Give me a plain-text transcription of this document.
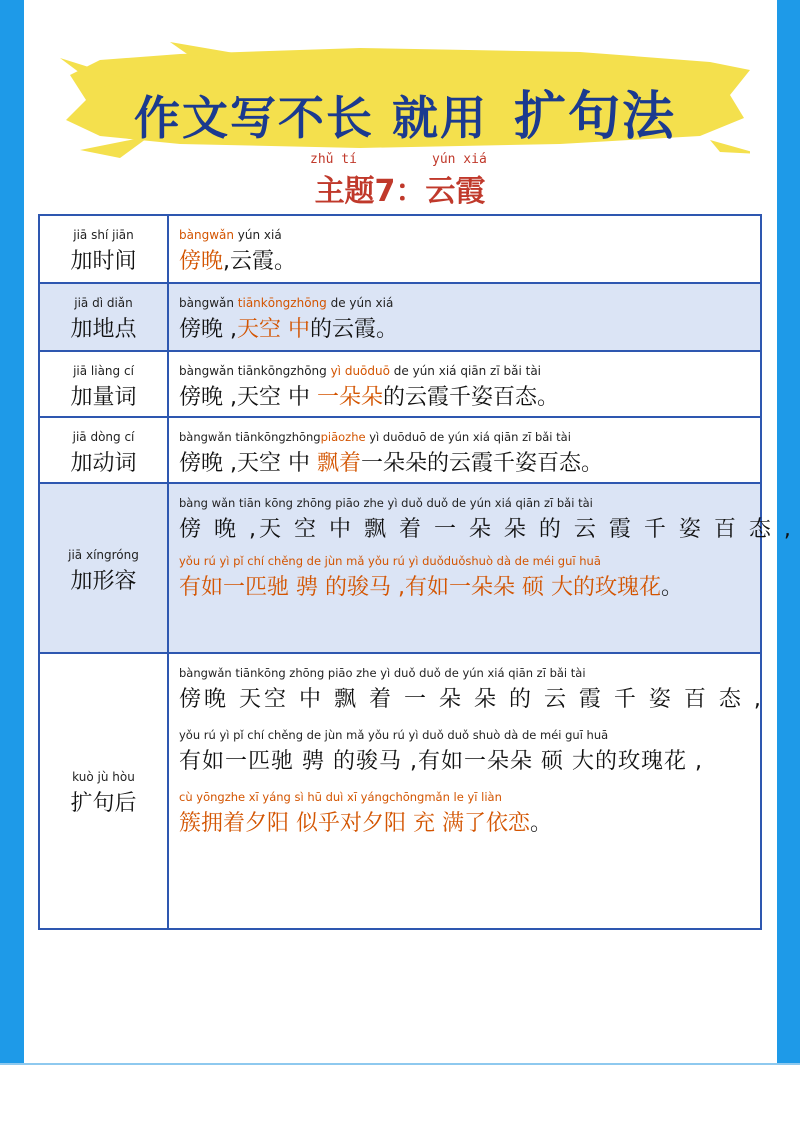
作文写不长 就用 扩句法
zhǔ tí	yún xiá
主题7：云霞
jiā shí jiān
加时间
bàngwǎn yún xiá
傍晚,云霞。
jiā dì diǎn
加地点
bàngwǎn tiānkōngzhōng de yún xiá
傍晚 ,天空 中的云霞。
jiā liàng cí
加量词
bàngwǎn tiānkōngzhōng yì duōduō de yún xiá qiān zī bǎi tài
傍晚 ,天空 中 一朵朵的云霞千姿百态。
jiā dòng cí
加动词
bàngwǎn tiānkōngzhōngpiāozhe yì duōduō de yún xiá qiān zī bǎi tài
傍晚 ,天空 中 飘着一朵朵的云霞千姿百态。
jiā xíngróng
加形容
bàng wǎn tiān kōng zhōng piāo zhe yì duǒ duǒ de yún xiá qiān zī bǎi tài
傍 晚 ,天 空 中 飘 着 一 朵 朵 的 云 霞 千 姿 百 态 ,
yǒu rú yì pǐ chí chěng de jùn mǎ yǒu rú yì duǒduǒshuò dà de méi guī huā
有如一匹驰 骋 的骏马 ,有如一朵朵 硕 大的玫瑰花。
kuò jù hòu
扩句后
bàngwǎn tiānkōng zhōng piāo zhe yì duǒ duǒ de yún xiá qiān zī bǎi tài
傍晚 天空 中 飘 着 一 朵 朵 的 云 霞 千 姿 百 态 ,
yǒu rú yì pǐ chí chěng de jùn mǎ yǒu rú yì duǒ duǒ shuò dà de méi guī huā
有如一匹驰 骋 的骏马 ,有如一朵朵 硕 大的玫瑰花 ,
cù yōngzhe xī yáng sì hū duì xī yángchōngmǎn le yī liàn
簇拥着夕阳 似乎对夕阳 充 满了依恋。
